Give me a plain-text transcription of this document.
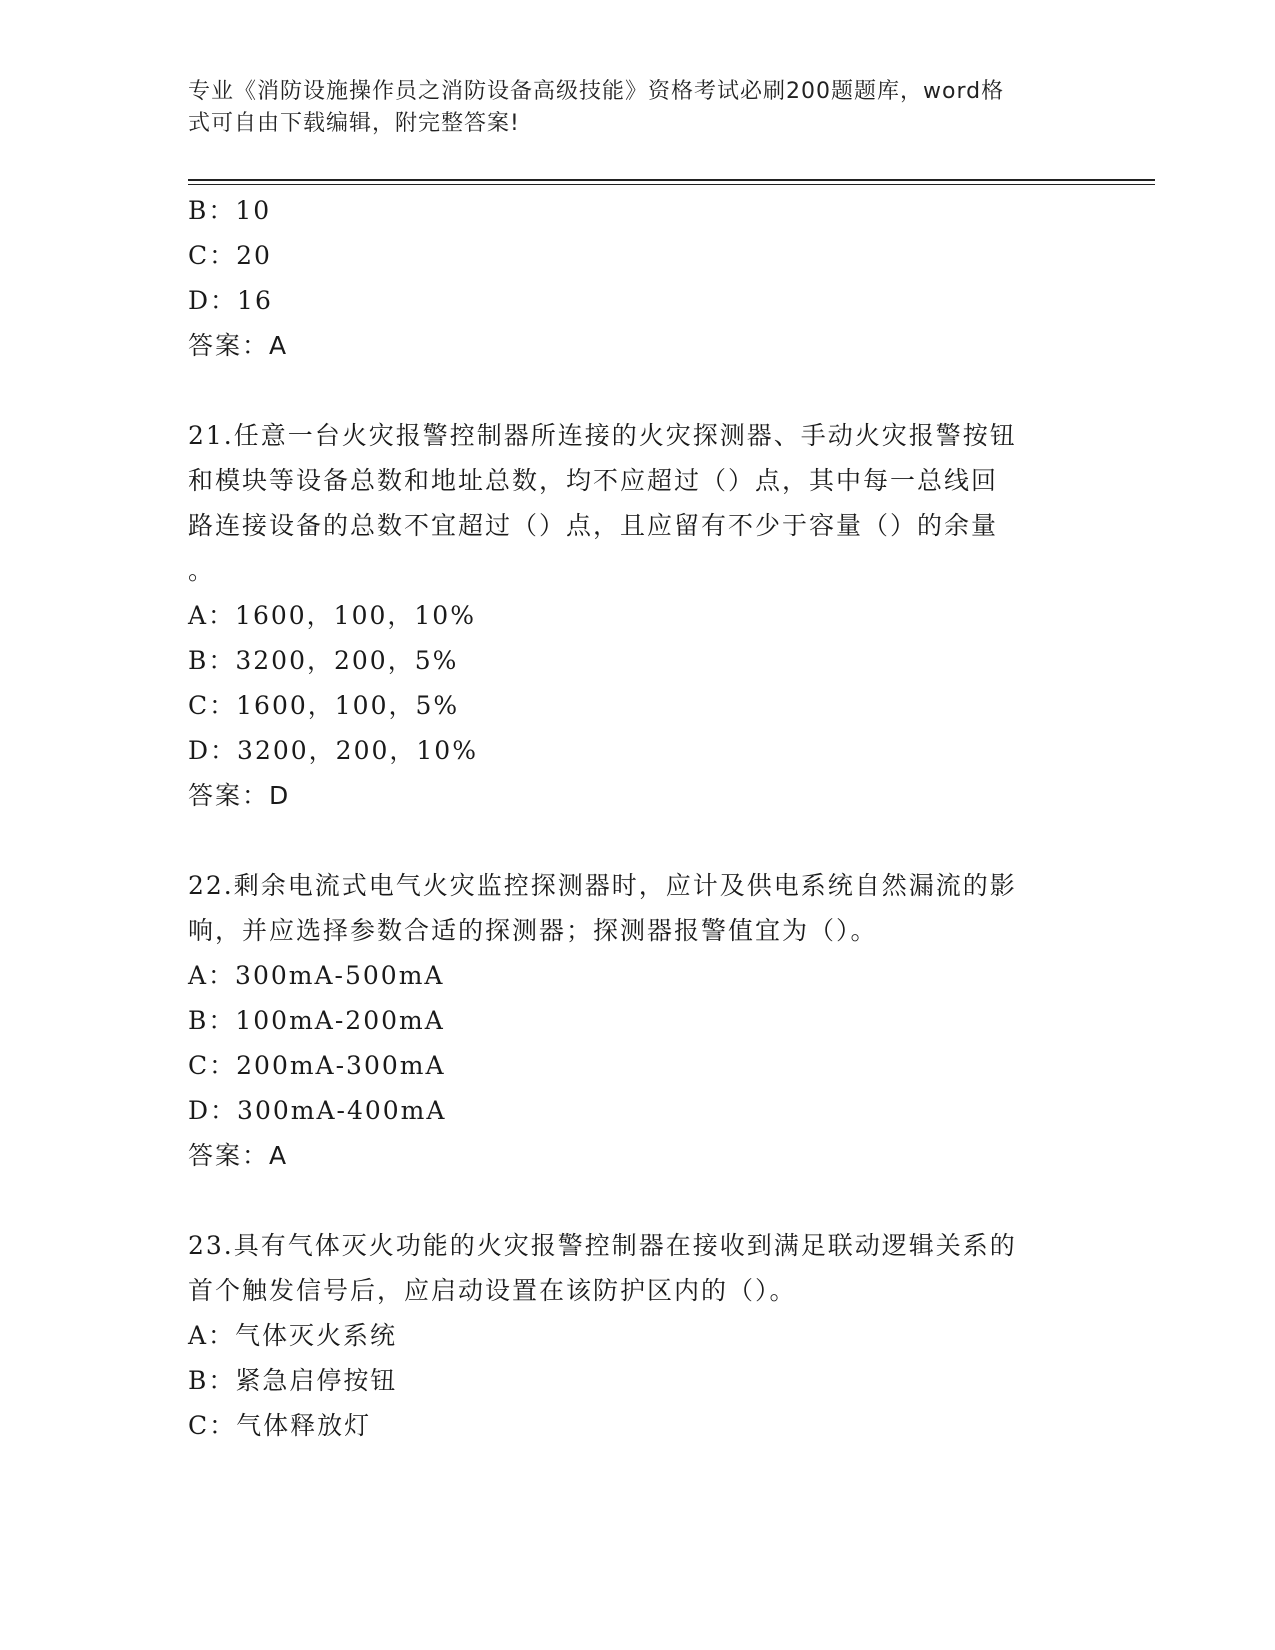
专业《消防设施操作员之消防设备高级技能》资格考试必刷200题题库，word格
式可自由下载编辑，附完整答案!
B：10
C：20
D：16
答案：A
21.任意一台火灾报警控制器所连接的火灾探测器、手动火灾报警按钮
和模块等设备总数和地址总数，均不应超过（）点，其中每一总线回
路连接设备的总数不宜超过（）点，且应留有不少于容量（）的余量
。
A：1600，100，10%
B：3200，200，5%
C：1600，100，5%
D：3200，200，10%
答案：D
22.剩余电流式电气火灾监控探测器时，应计及供电系统自然漏流的影
响，并应选择参数合适的探测器；探测器报警值宜为（）。
A：300mA-500mA
B：100mA-200mA
C：200mA-300mA
D：300mA-400mA
答案：A
23.具有气体灭火功能的火灾报警控制器在接收到满足联动逻辑关系的
首个触发信号后，应启动设置在该防护区内的（）。
A：气体灭火系统
B：紧急启停按钮
C：气体释放灯
